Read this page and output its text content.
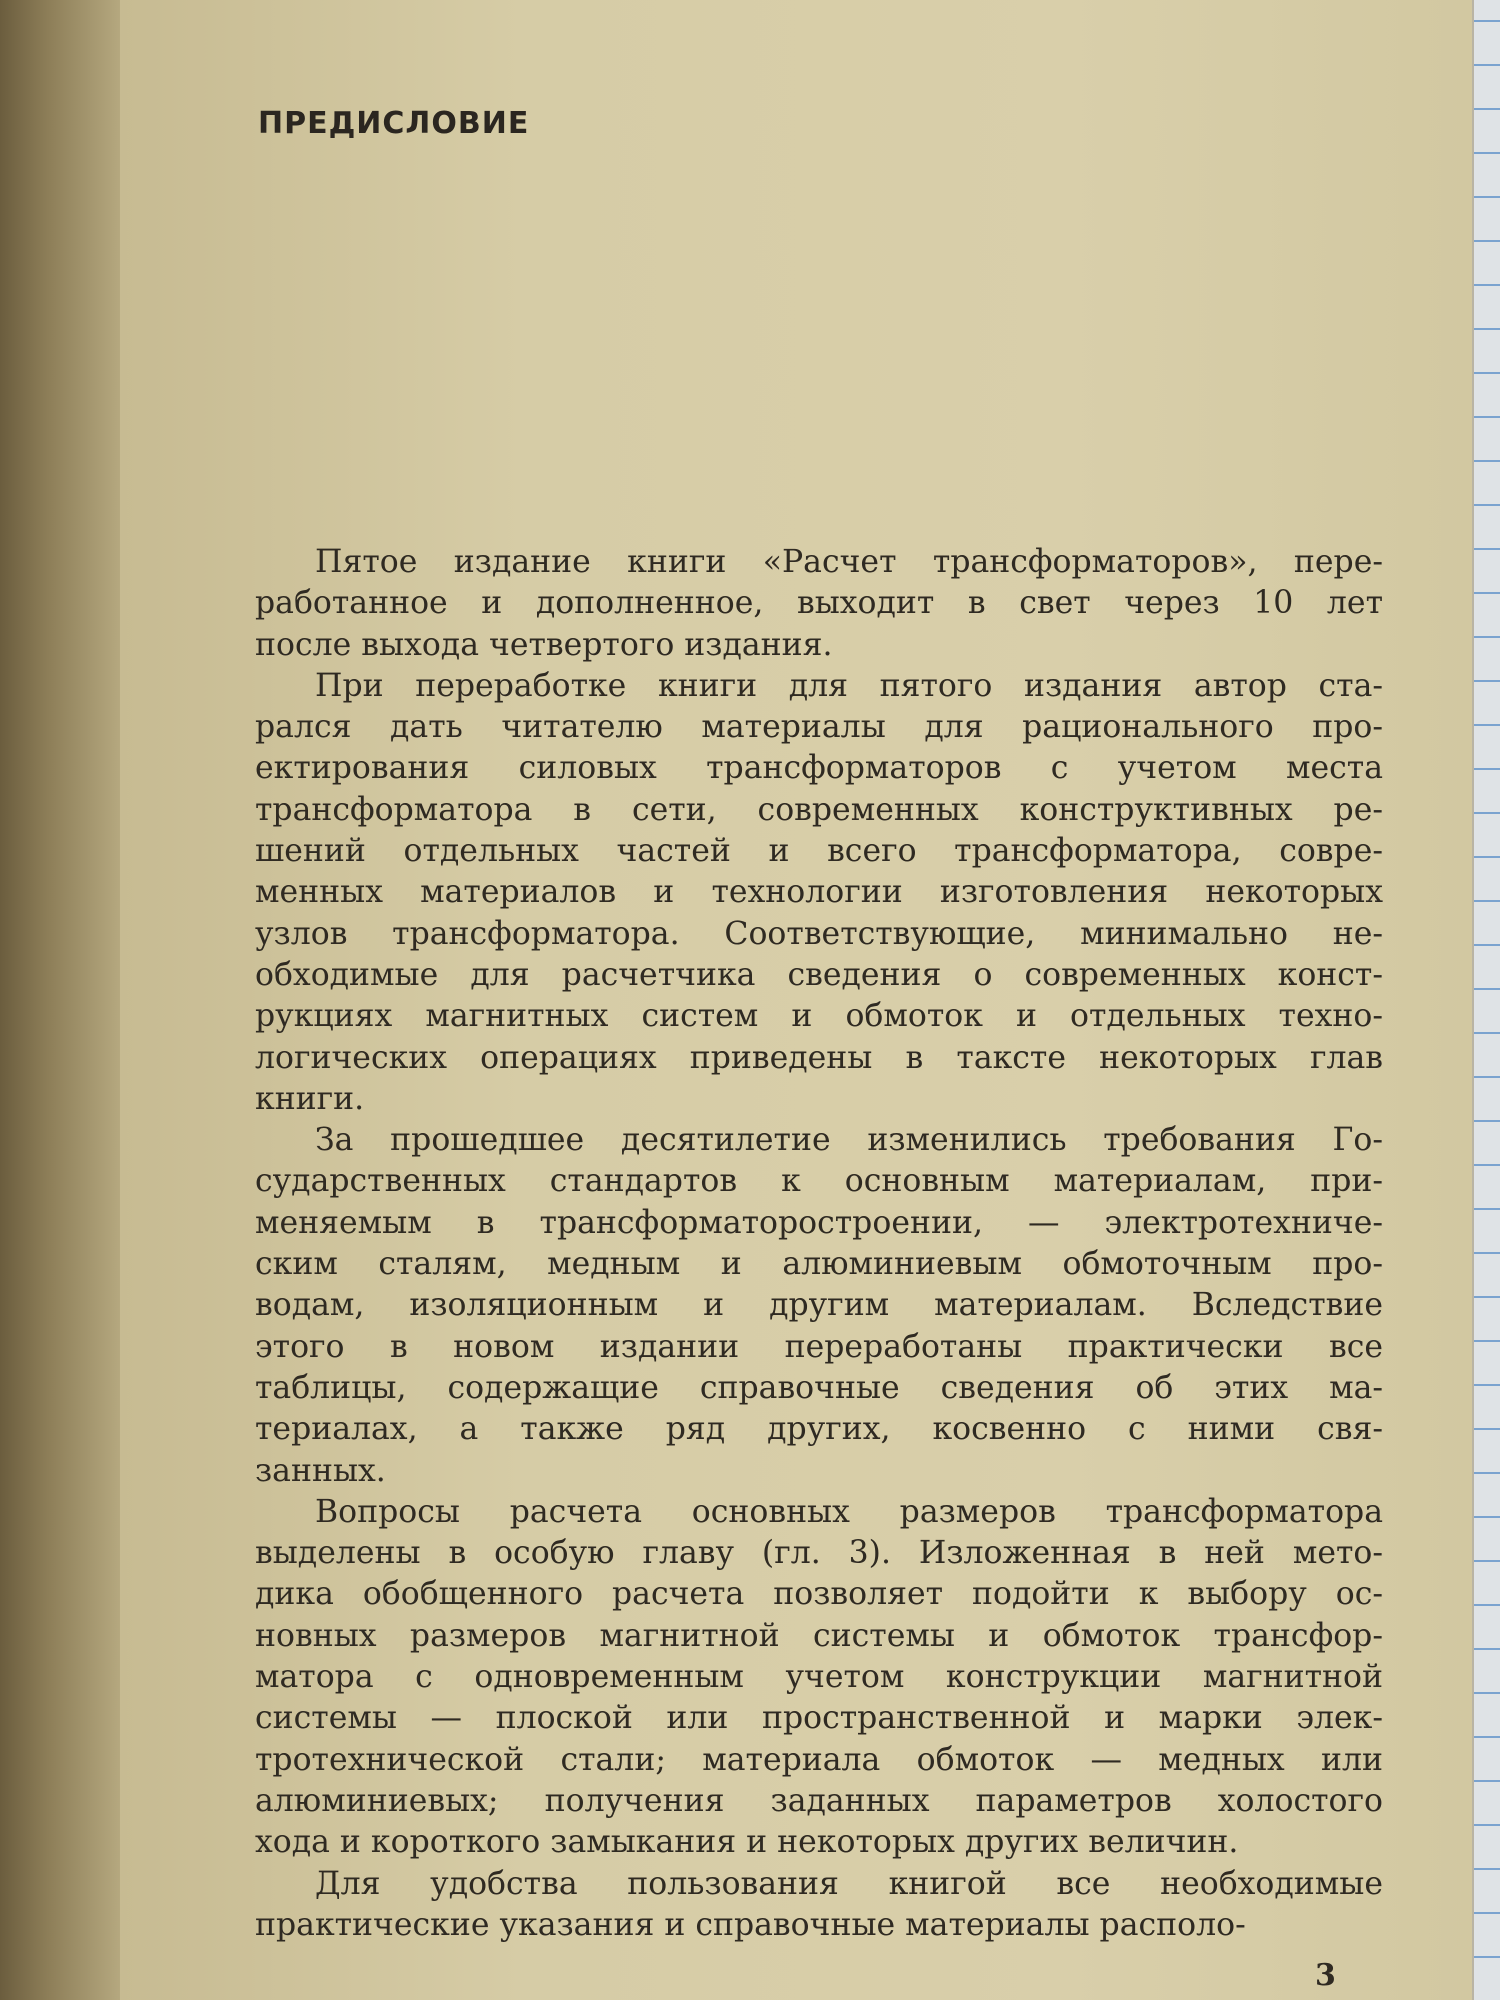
ПРЕДИСЛОВИЕ

Пятое издание книги «Расчет трансформаторов», пере-
работанное и дополненное, выходит в свет через 10 лет
после выхода четвертого издания.

При переработке книги для пятого издания автор ста-
рался дать читателю материалы для рационального про-
ектирования силовых трансформаторов с учетом места
трансформатора в сети, современных конструктивных ре-
шений отдельных частей и всего трансформатора, совре-
менных материалов и технологии изготовления некоторых
узлов трансформатора. Соответствующие, минимально не-
обходимые для расчетчика сведения о современных конст-
рукциях магнитных систем и обмоток и отдельных техно-
логических операциях приведены в таксте некоторых глав
книги.

За прошедшее десятилетие изменились требования Го-
сударственных стандартов к основным материалам, при-
меняемым в трансформаторостроении, — электротехниче-
ским сталям, медным и алюминиевым обмоточным про-
водам, изоляционным и другим материалам. Вследствие
этого в новом издании переработаны практически все
таблицы, содержащие справочные сведения об этих ма-
териалах, а также ряд других, косвенно с ними свя-
занных.

Вопросы расчета основных размеров трансформатора
выделены в особую главу (гл. 3). Изложенная в ней мето-
дика обобщенного расчета позволяет подойти к выбору ос-
новных размеров магнитной системы и обмоток трансфор-
матора с одновременным учетом конструкции магнитной
системы — плоской или пространственной и марки элек-
тротехнической стали; материала обмоток — медных или
алюминиевых; получения заданных параметров холостого
хода и короткого замыкания и некоторых других величин.

Для удобства пользования книгой все необходимые
практические указания и справочные материалы располо-

3
